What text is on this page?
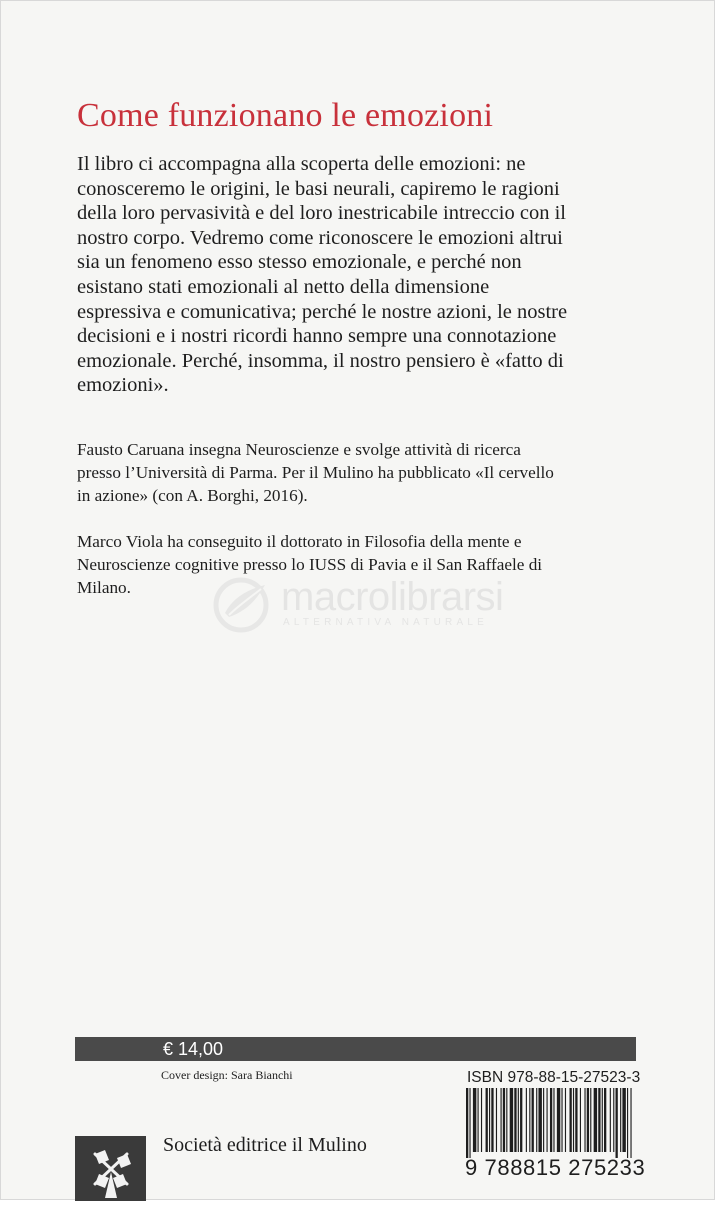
Come funzionano le emozioni
Il libro ci accompagna alla scoperta delle emozioni: ne
conosceremo le origini, le basi neurali, capiremo le ragioni
della loro pervasività e del loro inestricabile intreccio con il
nostro corpo. Vedremo come riconoscere le emozioni altrui
sia un fenomeno esso stesso emozionale, e perché non
esistano stati emozionali al netto della dimensione
espressiva e comunicativa; perché le nostre azioni, le nostre
decisioni e i nostri ricordi hanno sempre una connotazione
emozionale. Perché, insomma, il nostro pensiero è «fatto di
emozioni».
Fausto Caruana insegna Neuroscienze e svolge attività di ricerca
presso l’Università di Parma. Per il Mulino ha pubblicato «Il cervello
in azione» (con A. Borghi, 2016).
Marco Viola ha conseguito il dottorato in Filosofia della mente e
Neuroscienze cognitive presso lo IUSS di Pavia e il San Raffaele di
Milano.	macrolibrarsi
ALTERNATIVA NATURALE
€ 14,00
Cover design: Sara Bianchi	ISBN 978-88-15-27523-3
9 788815 275233
Società editrice il Mulino
